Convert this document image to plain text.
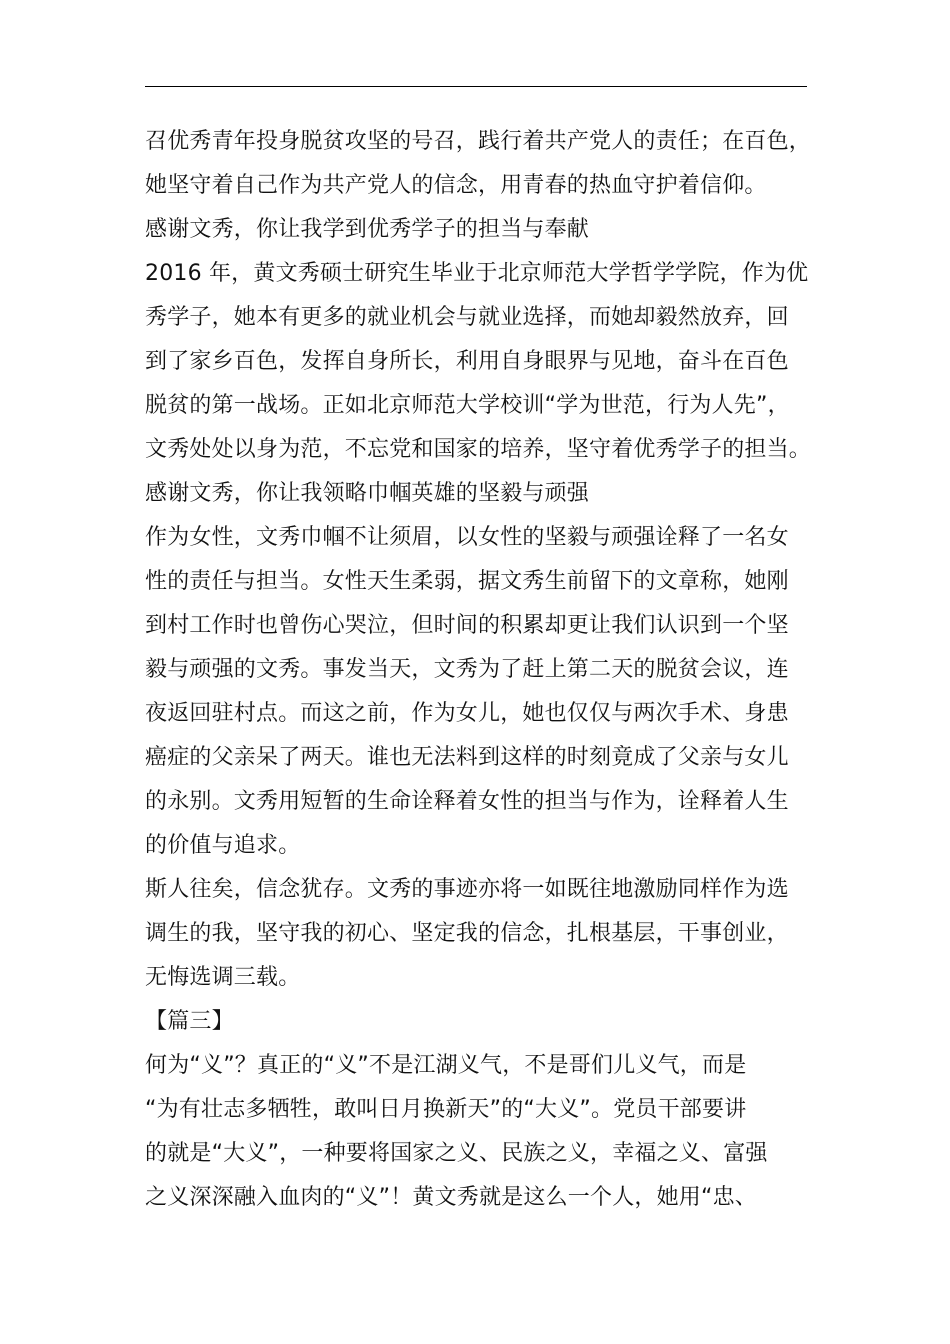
召优秀青年投身脱贫攻坚的号召，践行着共产党人的责任；在百色，
她坚守着自己作为共产党人的信念，用青春的热血守护着信仰。
感谢文秀，你让我学到优秀学子的担当与奉献
2016 年，黄文秀硕士研究生毕业于北京师范大学哲学学院，作为优
秀学子，她本有更多的就业机会与就业选择，而她却毅然放弃，回
到了家乡百色，发挥自身所长，利用自身眼界与见地，奋斗在百色
脱贫的第一战场。正如北京师范大学校训“学为世范，行为人先”，
文秀处处以身为范，不忘党和国家的培养，坚守着优秀学子的担当。
感谢文秀，你让我领略巾帼英雄的坚毅与顽强
作为女性，文秀巾帼不让须眉，以女性的坚毅与顽强诠释了一名女
性的责任与担当。女性天生柔弱，据文秀生前留下的文章称，她刚
到村工作时也曾伤心哭泣，但时间的积累却更让我们认识到一个坚
毅与顽强的文秀。事发当天，文秀为了赶上第二天的脱贫会议，连
夜返回驻村点。而这之前，作为女儿，她也仅仅与两次手术、身患
癌症的父亲呆了两天。谁也无法料到这样的时刻竟成了父亲与女儿
的永别。文秀用短暂的生命诠释着女性的担当与作为，诠释着人生
的价值与追求。
斯人往矣，信念犹存。文秀的事迹亦将一如既往地激励同样作为选
调生的我，坚守我的初心、坚定我的信念，扎根基层，干事创业，
无悔选调三载。
【篇三】
何为“义”？真正的“义”不是江湖义气，不是哥们儿义气，而是
“为有壮志多牺牲，敢叫日月换新天”的“大义”。党员干部要讲
的就是“大义”，一种要将国家之义、民族之义，幸福之义、富强
之义深深融入血肉的“义”！黄文秀就是这么一个人，她用“忠、
